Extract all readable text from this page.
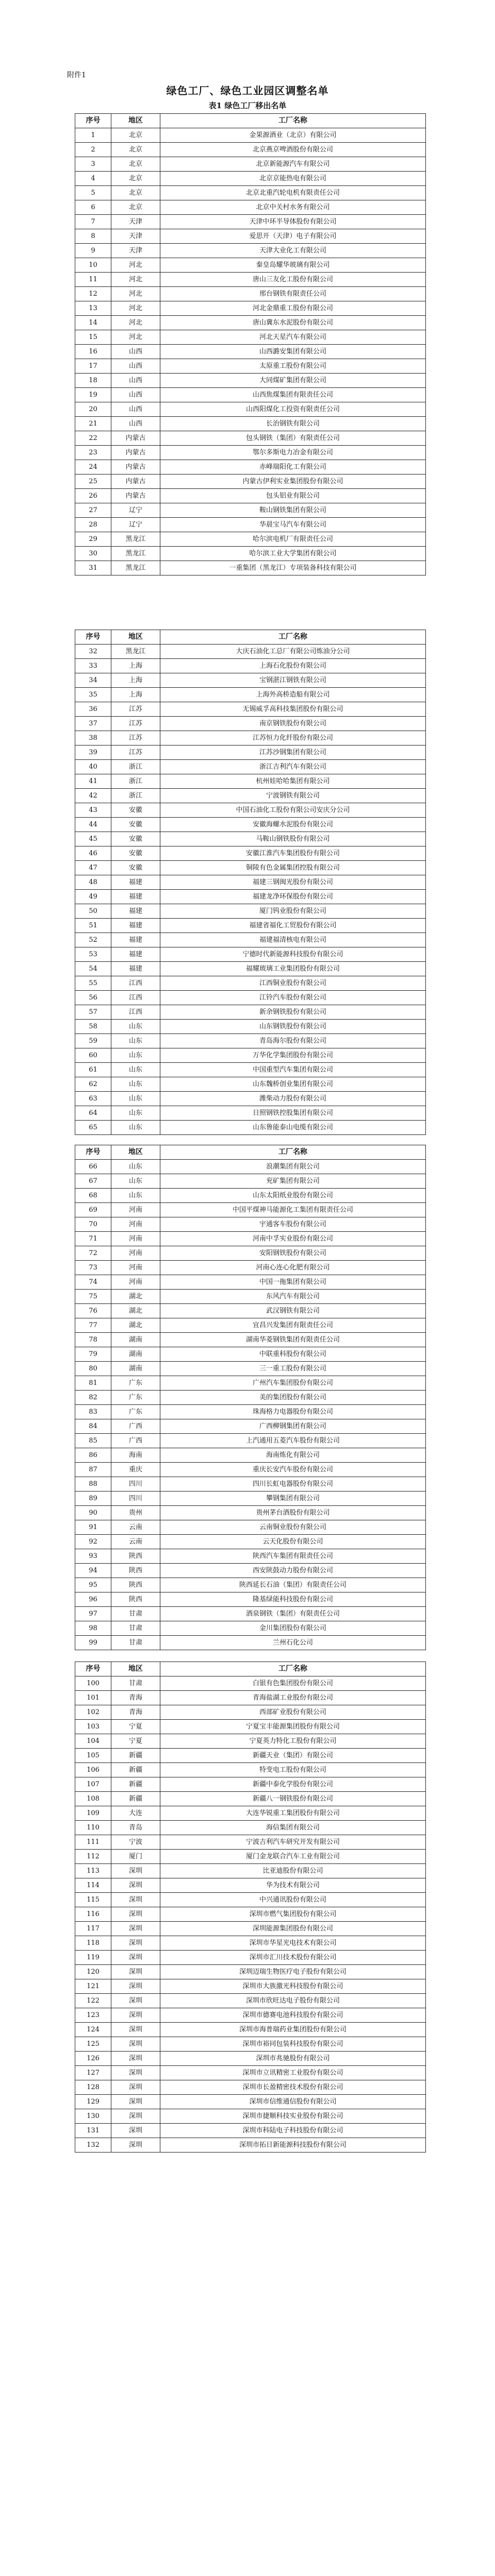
附件1
绿色工厂、绿色工业园区调整名单
表1 绿色工厂移出名单
序号	地区	工厂名称
1	北京	金果源酒业（北京）有限公司
2	北京	北京燕京啤酒股份有限公司
3	北京	北京新能源汽车有限公司
4	北京	北京京能热电有限公司
5	北京	北京北重汽轮电机有限责任公司
6	北京	北京中关村水务有限公司
7	天津	天津中环半导体股份有限公司
8	天津	爱思开（天津）电子有限公司
9	天津	天津大业化工有限公司
10	河北	秦皇岛耀华玻璃有限公司
11	河北	唐山三友化工股份有限公司
12	河北	邢台钢铁有限责任公司
13	河北	河北金鼎重工股份有限公司
14	河北	唐山冀东水泥股份有限公司
15	河北	河北天星汽车有限公司
16	山西	山西潞安集团有限公司
17	山西	太原重工股份有限公司
18	山西	大同煤矿集团有限公司
19	山西	山西焦煤集团有限责任公司
20	山西	山西阳煤化工投资有限责任公司
21	山西	长治钢铁有限公司
22	内蒙古	包头钢铁（集团）有限责任公司
23	内蒙古	鄂尔多斯电力冶金有限公司
24	内蒙古	赤峰瑞阳化工有限公司
25	内蒙古	内蒙古伊利实业集团股份有限公司
26	内蒙古	包头铝业有限公司
27	辽宁	鞍山钢铁集团有限公司
28	辽宁	华晨宝马汽车有限公司
29	黑龙江	哈尔滨电机厂有限责任公司
30	黑龙江	哈尔滨工业大学集团有限公司
31	黑龙江	一重集团（黑龙江）专项装备科技有限公司
序号	地区	工厂名称
32	黑龙江	大庆石油化工总厂有限公司炼油分公司
33	上海	上海石化股份有限公司
34	上海	宝钢湛江钢铁有限公司
35	上海	上海外高桥造船有限公司
36	江苏	无锡威孚高科技集团股份有限公司
37	江苏	南京钢铁股份有限公司
38	江苏	江苏恒力化纤股份有限公司
39	江苏	江苏沙钢集团有限公司
40	浙江	浙江吉利汽车有限公司
41	浙江	杭州娃哈哈集团有限公司
42	浙江	宁波钢铁有限公司
43	安徽	中国石油化工股份有限公司安庆分公司
44	安徽	安徽海螺水泥股份有限公司
45	安徽	马鞍山钢铁股份有限公司
46	安徽	安徽江淮汽车集团股份有限公司
47	安徽	铜陵有色金属集团控股有限公司
48	福建	福建三钢闽光股份有限公司
49	福建	福建龙净环保股份有限公司
50	福建	厦门钨业股份有限公司
51	福建	福建省福化工贸股份有限公司
52	福建	福建福清核电有限公司
53	福建	宁德时代新能源科技股份有限公司
54	福建	福耀玻璃工业集团股份有限公司
55	江西	江西铜业股份有限公司
56	江西	江铃汽车股份有限公司
57	江西	新余钢铁股份有限公司
58	山东	山东钢铁股份有限公司
59	山东	青岛海尔股份有限公司
60	山东	万华化学集团股份有限公司
61	山东	中国重型汽车集团有限公司
62	山东	山东魏桥创业集团有限公司
63	山东	潍柴动力股份有限公司
64	山东	日照钢铁控股集团有限公司
65	山东	山东鲁能泰山电缆有限公司
序号	地区	工厂名称
66	山东	浪潮集团有限公司
67	山东	兖矿集团有限公司
68	山东	山东太阳纸业股份有限公司
69	河南	中国平煤神马能源化工集团有限责任公司
70	河南	宇通客车股份有限公司
71	河南	河南中孚实业股份有限公司
72	河南	安阳钢铁股份有限公司
73	河南	河南心连心化肥有限公司
74	河南	中国一拖集团有限公司
75	湖北	东风汽车有限公司
76	湖北	武汉钢铁有限公司
77	湖北	宜昌兴发集团有限责任公司
78	湖南	湖南华菱钢铁集团有限责任公司
79	湖南	中联重科股份有限公司
80	湖南	三一重工股份有限公司
81	广东	广州汽车集团股份有限公司
82	广东	美的集团股份有限公司
83	广东	珠海格力电器股份有限公司
84	广西	广西柳钢集团有限公司
85	广西	上汽通用五菱汽车股份有限公司
86	海南	海南炼化有限公司
87	重庆	重庆长安汽车股份有限公司
88	四川	四川长虹电器股份有限公司
89	四川	攀钢集团有限公司
90	贵州	贵州茅台酒股份有限公司
91	云南	云南铜业股份有限公司
92	云南	云天化股份有限公司
93	陕西	陕西汽车集团有限责任公司
94	陕西	西安陕鼓动力股份有限公司
95	陕西	陕西延长石油（集团）有限责任公司
96	陕西	隆基绿能科技股份有限公司
97	甘肃	酒泉钢铁（集团）有限责任公司
98	甘肃	金川集团股份有限公司
99	甘肃	兰州石化公司
序号	地区	工厂名称
100	甘肃	白银有色集团股份有限公司
101	青海	青海盐湖工业股份有限公司
102	青海	西部矿业股份有限公司
103	宁夏	宁夏宝丰能源集团股份有限公司
104	宁夏	宁夏英力特化工股份有限公司
105	新疆	新疆天业（集团）有限公司
106	新疆	特变电工股份有限公司
107	新疆	新疆中泰化学股份有限公司
108	新疆	新疆八一钢铁股份有限公司
109	大连	大连华锐重工集团股份有限公司
110	青岛	海信集团有限公司
111	宁波	宁波吉利汽车研究开发有限公司
112	厦门	厦门金龙联合汽车工业有限公司
113	深圳	比亚迪股份有限公司
114	深圳	华为技术有限公司
115	深圳	中兴通讯股份有限公司
116	深圳	深圳市燃气集团股份有限公司
117	深圳	深圳能源集团股份有限公司
118	深圳	深圳市华星光电技术有限公司
119	深圳	深圳市汇川技术股份有限公司
120	深圳	深圳迈瑞生物医疗电子股份有限公司
121	深圳	深圳市大族激光科技股份有限公司
122	深圳	深圳市欣旺达电子股份有限公司
123	深圳	深圳市德赛电池科技股份有限公司
124	深圳	深圳市海普瑞药业集团股份有限公司
125	深圳	深圳市裕同包装科技股份有限公司
126	深圳	深圳市兆驰股份有限公司
127	深圳	深圳市立讯精密工业股份有限公司
128	深圳	深圳市长盈精密技术股份有限公司
129	深圳	深圳市信维通信股份有限公司
130	深圳	深圳市捷顺科技实业股份有限公司
131	深圳	深圳市科陆电子科技股份有限公司
132	深圳	深圳市拓日新能源科技股份有限公司
